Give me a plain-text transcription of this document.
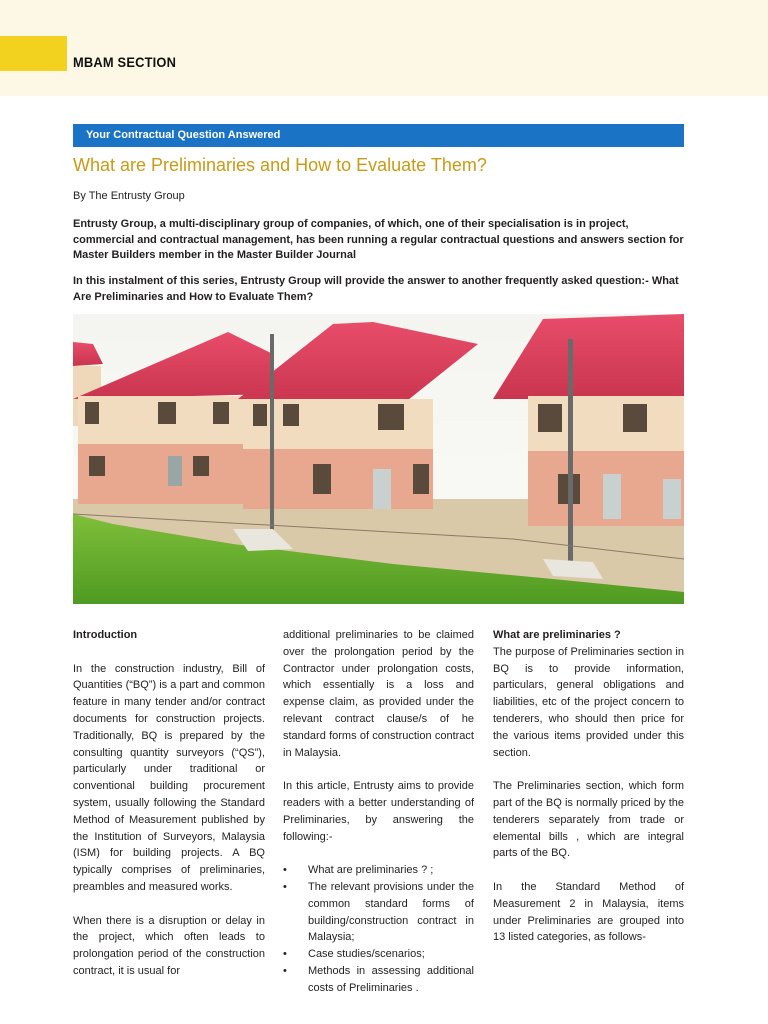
MBAM SECTION
Your Contractual Question Answered
What are Preliminaries and How to Evaluate Them?
By The Entrusty Group

Entrusty Group, a multi-disciplinary group of companies, of which, one of their specialisation is in project, commercial and contractual management, has been running a regular contractual questions and answers section for Master Builders member in the Master Builder Journal

In this instalment of this series, Entrusty Group will provide the answer to another frequently asked question:- What Are Preliminaries and How to Evaluate Them?

Introduction

In the construction industry, Bill of Quantities (“BQ”) is a part and common feature in many tender and/or contract documents for construction projects. Traditionally, BQ is prepared by the consulting quantity surveyors (“QS”), particularly under traditional or conventional building procurement system, usually following the Standard Method of Measurement published by the Institution of Surveyors, Malaysia (ISM) for building projects. A BQ typically comprises of preliminaries, preambles and measured works.

When there is a disruption or delay in the project, which often leads to prolongation period of the construction contract, it is usual for

additional preliminaries to be claimed over the prolongation period by the Contractor under prolongation costs, which essentially is a loss and expense claim, as provided under the relevant contract clause/s of he standard forms of construction contract in Malaysia.

In this article, Entrusty aims to provide readers with a better understanding of Preliminaries, by answering the following:-

• What are preliminaries ? ;
• The relevant provisions under the common standard forms of building/construction contract in Malaysia;
• Case studies/scenarios;
• Methods in assessing additional costs of Preliminaries .

What are preliminaries ?

The purpose of Preliminaries section in BQ is to provide information, particulars, general obligations and liabilities, etc of the project concern to tenderers, who should then price for the various items provided under this section.

The Preliminaries section, which form part of the BQ is normally priced by the tenderers separately from trade or elemental bills , which are integral parts of the BQ.

In the Standard Method of Measurement 2 in Malaysia, items under Preliminaries are grouped into 13 listed categories, as follows-
